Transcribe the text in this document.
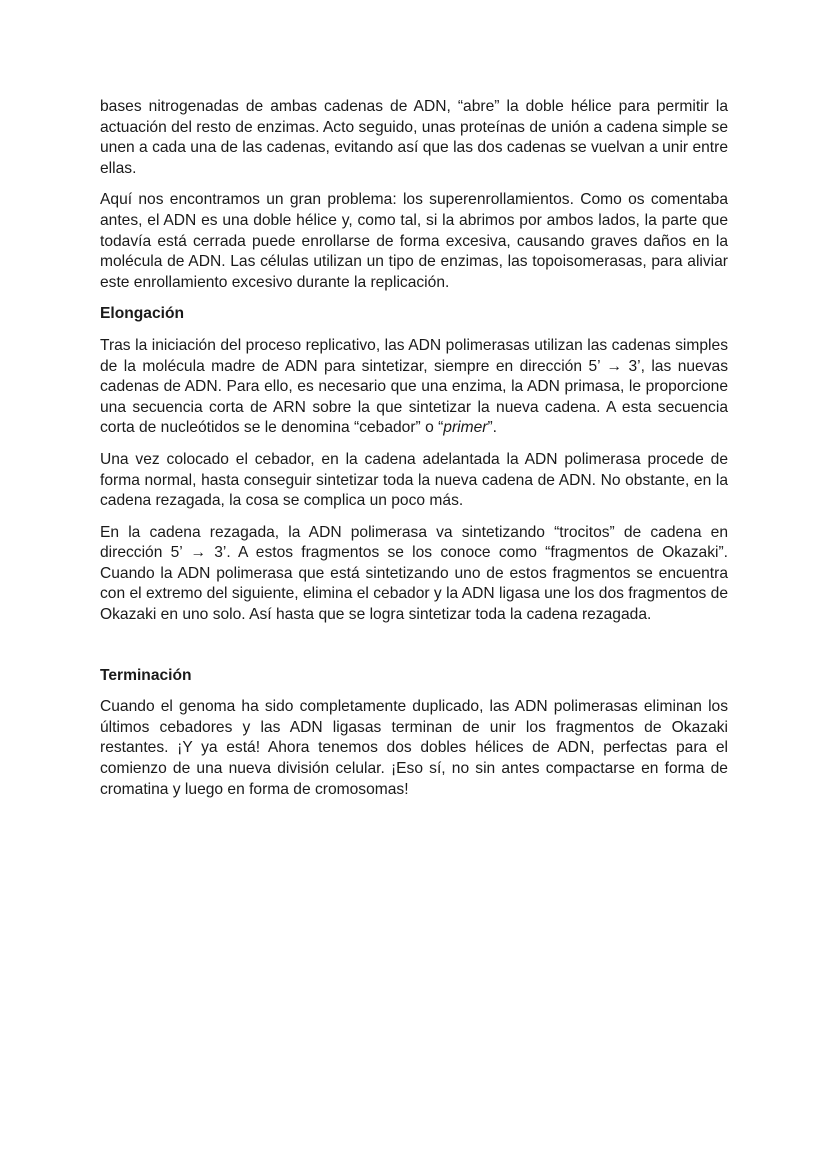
bases nitrogenadas de ambas cadenas de ADN, “abre” la doble hélice para permitir la actuación del resto de enzimas. Acto seguido, unas proteínas de unión a cadena simple se unen a cada una de las cadenas, evitando así que las dos cadenas se vuelvan a unir entre ellas.

Aquí nos encontramos un gran problema: los superenrollamientos. Como os comentaba antes, el ADN es una doble hélice y, como tal, si la abrimos por ambos lados, la parte que todavía está cerrada puede enrollarse de forma excesiva, causando graves daños en la molécula de ADN. Las células utilizan un tipo de enzimas, las topoisomerasas, para aliviar este enrollamiento excesivo durante la replicación.

Elongación

Tras la iniciación del proceso replicativo, las ADN polimerasas utilizan las cadenas simples de la molécula madre de ADN para sintetizar, siempre en dirección 5’ → 3’, las nuevas cadenas de ADN. Para ello, es necesario que una enzima, la ADN primasa, le proporcione una secuencia corta de ARN sobre la que sintetizar la nueva cadena. A esta secuencia corta de nucleótidos se le denomina “cebador” o “primer”.

Una vez colocado el cebador, en la cadena adelantada la ADN polimerasa procede de forma normal, hasta conseguir sintetizar toda la nueva cadena de ADN. No obstante, en la cadena rezagada, la cosa se complica un poco más.

En la cadena rezagada, la ADN polimerasa va sintetizando “trocitos” de cadena en dirección 5’ → 3’. A estos fragmentos se los conoce como “fragmentos de Okazaki”. Cuando la ADN polimerasa que está sintetizando uno de estos fragmentos se encuentra con el extremo del siguiente, elimina el cebador y la ADN ligasa une los dos fragmentos de Okazaki en uno solo. Así hasta que se logra sintetizar toda la cadena rezagada.

Terminación

Cuando el genoma ha sido completamente duplicado, las ADN polimerasas eliminan los últimos cebadores y las ADN ligasas terminan de unir los fragmentos de Okazaki restantes. ¡Y ya está! Ahora tenemos dos dobles hélices de ADN, perfectas para el comienzo de una nueva división celular. ¡Eso sí, no sin antes compactarse en forma de cromatina y luego en forma de cromosomas!
